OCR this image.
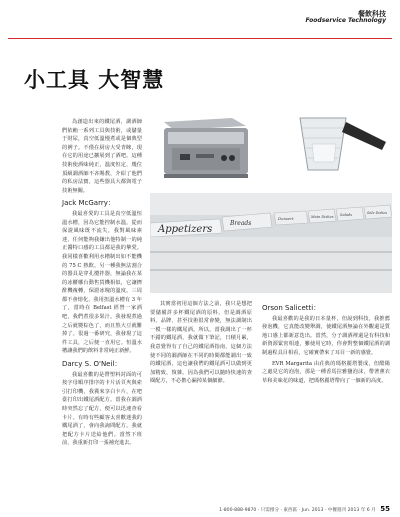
餐飲科技
Foodservice Technology
小工具 大智慧
Appetizers
Breads
Dessert	Main Dishes Salads	Side Dishes

為創造出來的鐵尾酒，調酒師們依賴一系列工具與技術，或儲量于財尿，真空低溫慢煮或是個典型的例子。不僅在厨房大受青睞，現在它的用途已擴展到了酒吧。這種技術使酒味純正，溫度恒定，幾位頂級調酒師不吝賜教，介紹了他們的私房法寶，這些器具大都與電子技術無關。

Jack McGarry：

我最喜愛的工具是真空低溫恒溫水槽，因為它能控制水溫，從而保證風味既不流失，我對風味素達，任何能夠我嫌出他特制一的純正醬特口感的工具都是我的摯愛。我同樣喜歡利用水槽制出如不能機的 75 C 熱飲。另一種我無法割合的器具是穿孔攪拌器，無論我在某的冰櫃哪台動售貨機相似，它讓擠酢機複轉，保證冰塊的溫度。三周都不會熔化，我用扭溫水槽有 3 年了，當時在 Belfast 經營一家酒吧，我們煮很多果汁。我發現煮過之后就變棕色了，而且熬大豆就難掉了。很過一番研究，我發現了這件工具，之后便一直用它。恒溫水槽讓我們的飲料非常純正新鮮。

Darcy S. O'Neil：

我最喜歡的是帶塑料封面的可按字母順序排序的卡片活頁夾與索引打印機，我冀來享白卡片，在吧臺打印出鐵尾酒配方。當我在調酒時突然忘了配方，便可以迅速查看卡片。有時有些顧客太喜歡迷我的鐵尾酒了，會向我詢問配方。我就把配方卡片送給他們。當然下班前，我重新打印一張補充進去。

其實當初用這個方法之前，我只是想把要儲備許多杯鐵尾酒的原料。但是調酒原料、品牌、甚至技術很常會變，無法調制出一模一樣的鐵尾酒。所以，當我調出了一杯不錯的鐵尾酒，我就做下筆記，日積月累，我意覺得有了自己的鐵尾酒指南，這個方法使不同的調酒師在不同的時間都能調出一致的鐵尾酒，這也讓我們的鐵尾酒可以做到更加精致，復雜。因為我們可以隨時快速的查閱配方，不必擔心漏掉某個細節。

Orson Salicetti：

我最喜歡的是我的日本量杯，但說到科技，我推薦發泡機，它真能改變舉調，使鐵尾酒無論在外觀還是質地口感上都新意迭出。當然，分子調酒裡還是有科技和新資源緊密相連，雖使用它時，你會對整個鐵尾酒的調制過程具目相看，它確實帶來了耳目一新的感覺。

EVR Margarita 由荘典的瑪格麗塔製成，但酷陽之處見它的泡泡，那是一種香馬拉雅鹽泡沫，帶著薰衣草和美味花的味道，把瑪格麗塔帶向了一個新的高度。

1-800-888-9870 · 只需撥分 · 東西區 · Jun. 2013 · 中餐週刊 2013 年 6 月 55
